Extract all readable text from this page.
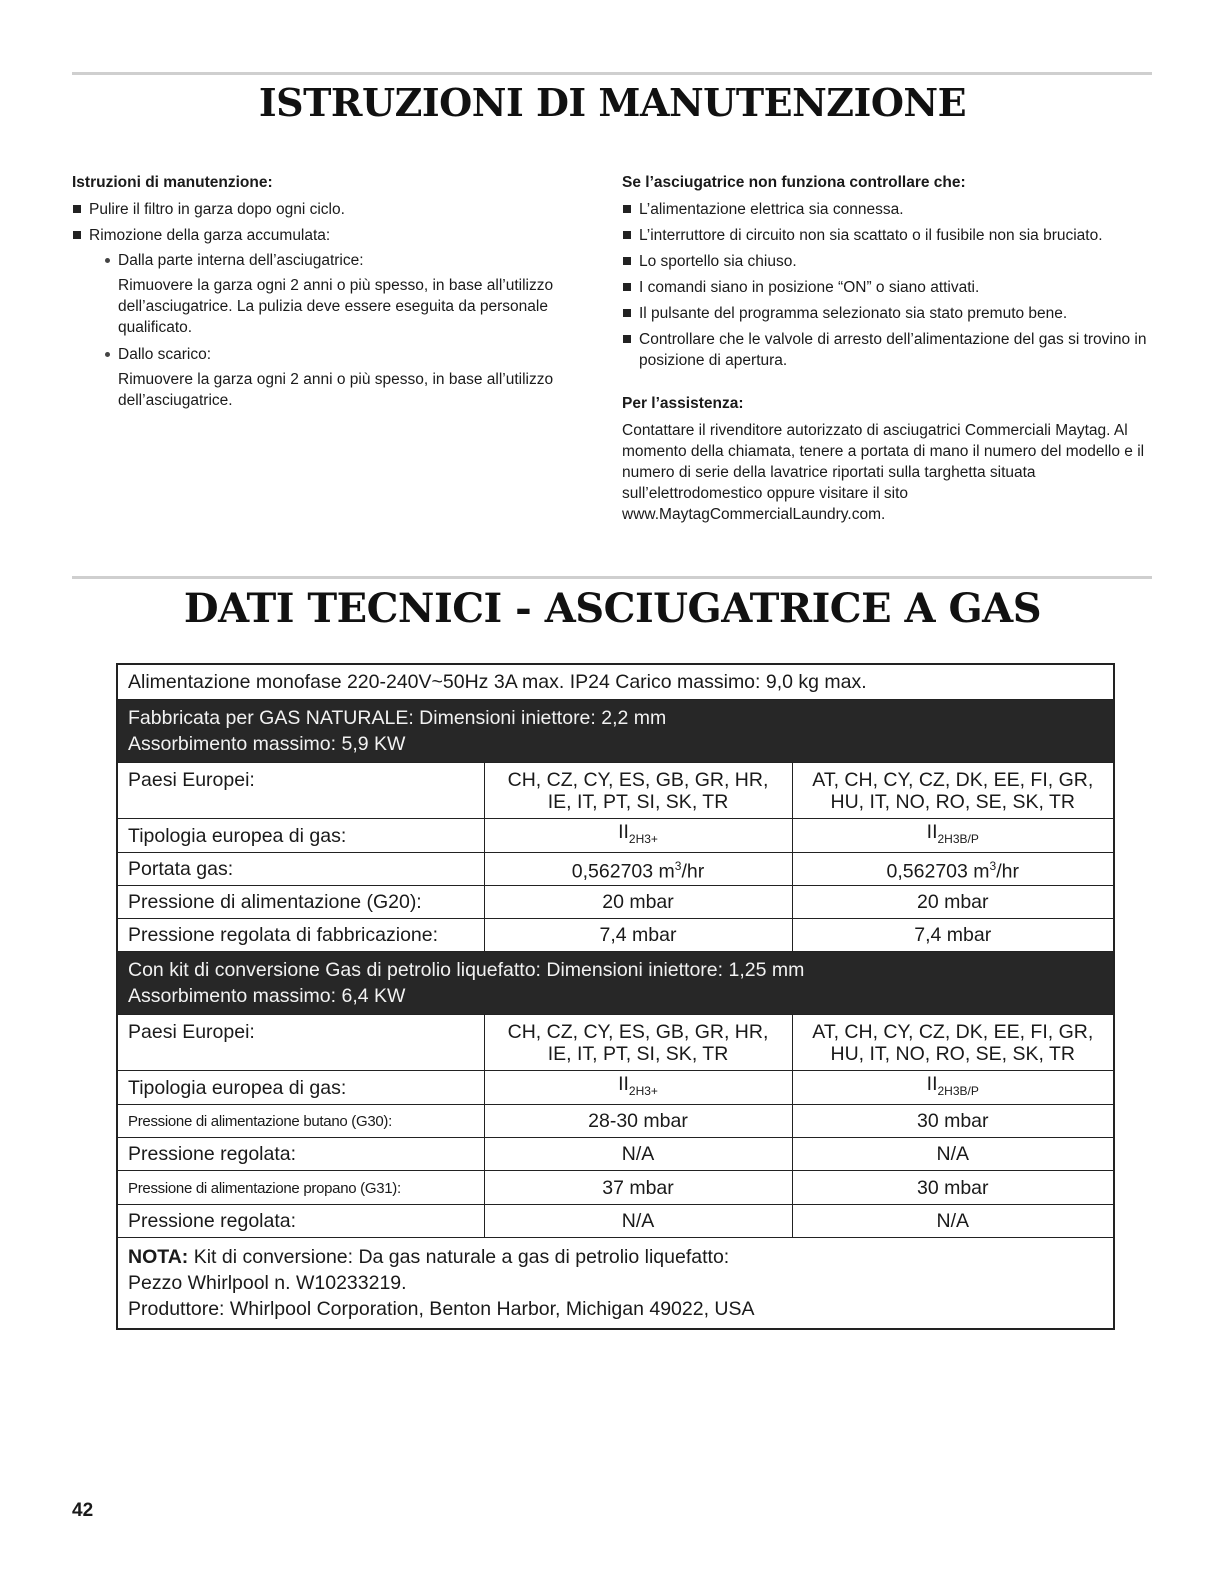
ISTRUZIONI DI MANUTENZIONE
Istruzioni di manutenzione:
Pulire il filtro in garza dopo ogni ciclo.
Rimozione della garza accumulata:
Dalla parte interna dell’asciugatrice:

Rimuovere la garza ogni 2 anni o più spesso, in base all’utilizzo dell’asciugatrice. La pulizia deve essere eseguita da personale qualificato.

Dallo scarico:

Rimuovere la garza ogni 2 anni o più spesso, in base all’utilizzo dell’asciugatrice.

Se l’asciugatrice non funziona controllare che:
L’alimentazione elettrica sia connessa.
L’interruttore di circuito non sia scattato o il fusibile non sia bruciato.
Lo sportello sia chiuso.
I comandi siano in posizione “ON” o siano attivati.
Il pulsante del programma selezionato sia stato premuto bene.
Controllare che le valvole di arresto dell’alimentazione del gas si trovino in posizione di apertura.
Per l’assistenza:

Contattare il rivenditore autorizzato di asciugatrici Commerciali Maytag. Al momento della chiamata, tenere a portata di mano il numero del modello e il numero di serie della lavatrice riportati sulla targhetta situata sull’elettrodomestico oppure visitare il sito www.MaytagCommercialLaundry.com.

DATI TECNICI - ASCIUGATRICE A GAS
Alimentazione monofase 220-240V~50Hz 3A max. IP24 Carico massimo: 9,0 kg max.		

Fabbricata per GAS NATURALE: Dimensioni iniettore: 2,2 mm
Assorbimento massimo: 5,9 KW		

Paesi Europei:	CH, CZ, CY, ES, GB, GR, HR, IE, IT, PT, SI, SK, TR	AT, CH, CY, CZ, DK, EE, FI, GR, HU, IT, NO, RO, SE, SK, TR
Tipologia europea di gas:	$II_{2H3+}$	$II_{2H3B/P}$
Portata gas:	0,562703 $m^3/hr$	0,562703 $m^3/hr$
Pressione di alimentazione (G20):	20 mbar	20 mbar
Pressione regolata di fabbricazione:	7,4 mbar	7,4 mbar

Con kit di conversione Gas di petrolio liquefatto: Dimensioni iniettore: 1,25 mm
Assorbimento massimo: 6,4 KW		

Paesi Europei:	CH, CZ, CY, ES, GB, GR, HR, IE, IT, PT, SI, SK, TR	AT, CH, CY, CZ, DK, EE, FI, GR, HU, IT, NO, RO, SE, SK, TR
Tipologia europea di gas:	$II_{2H3+}$	$II_{2H3B/P}$
Pressione di alimentazione butano (G30):	28-30 mbar	30 mbar
Pressione regolata:	N/A	N/A
Pressione di alimentazione propano (G31):	37 mbar	30 mbar
Pressione regolata:	N/A	N/A

NOTA: Kit di conversione: Da gas naturale a gas di petrolio liquefatto:
Pezzo Whirlpool n. W10233219.
Produttore: Whirlpool Corporation, Benton Harbor, Michigan 49022, USA		
42
